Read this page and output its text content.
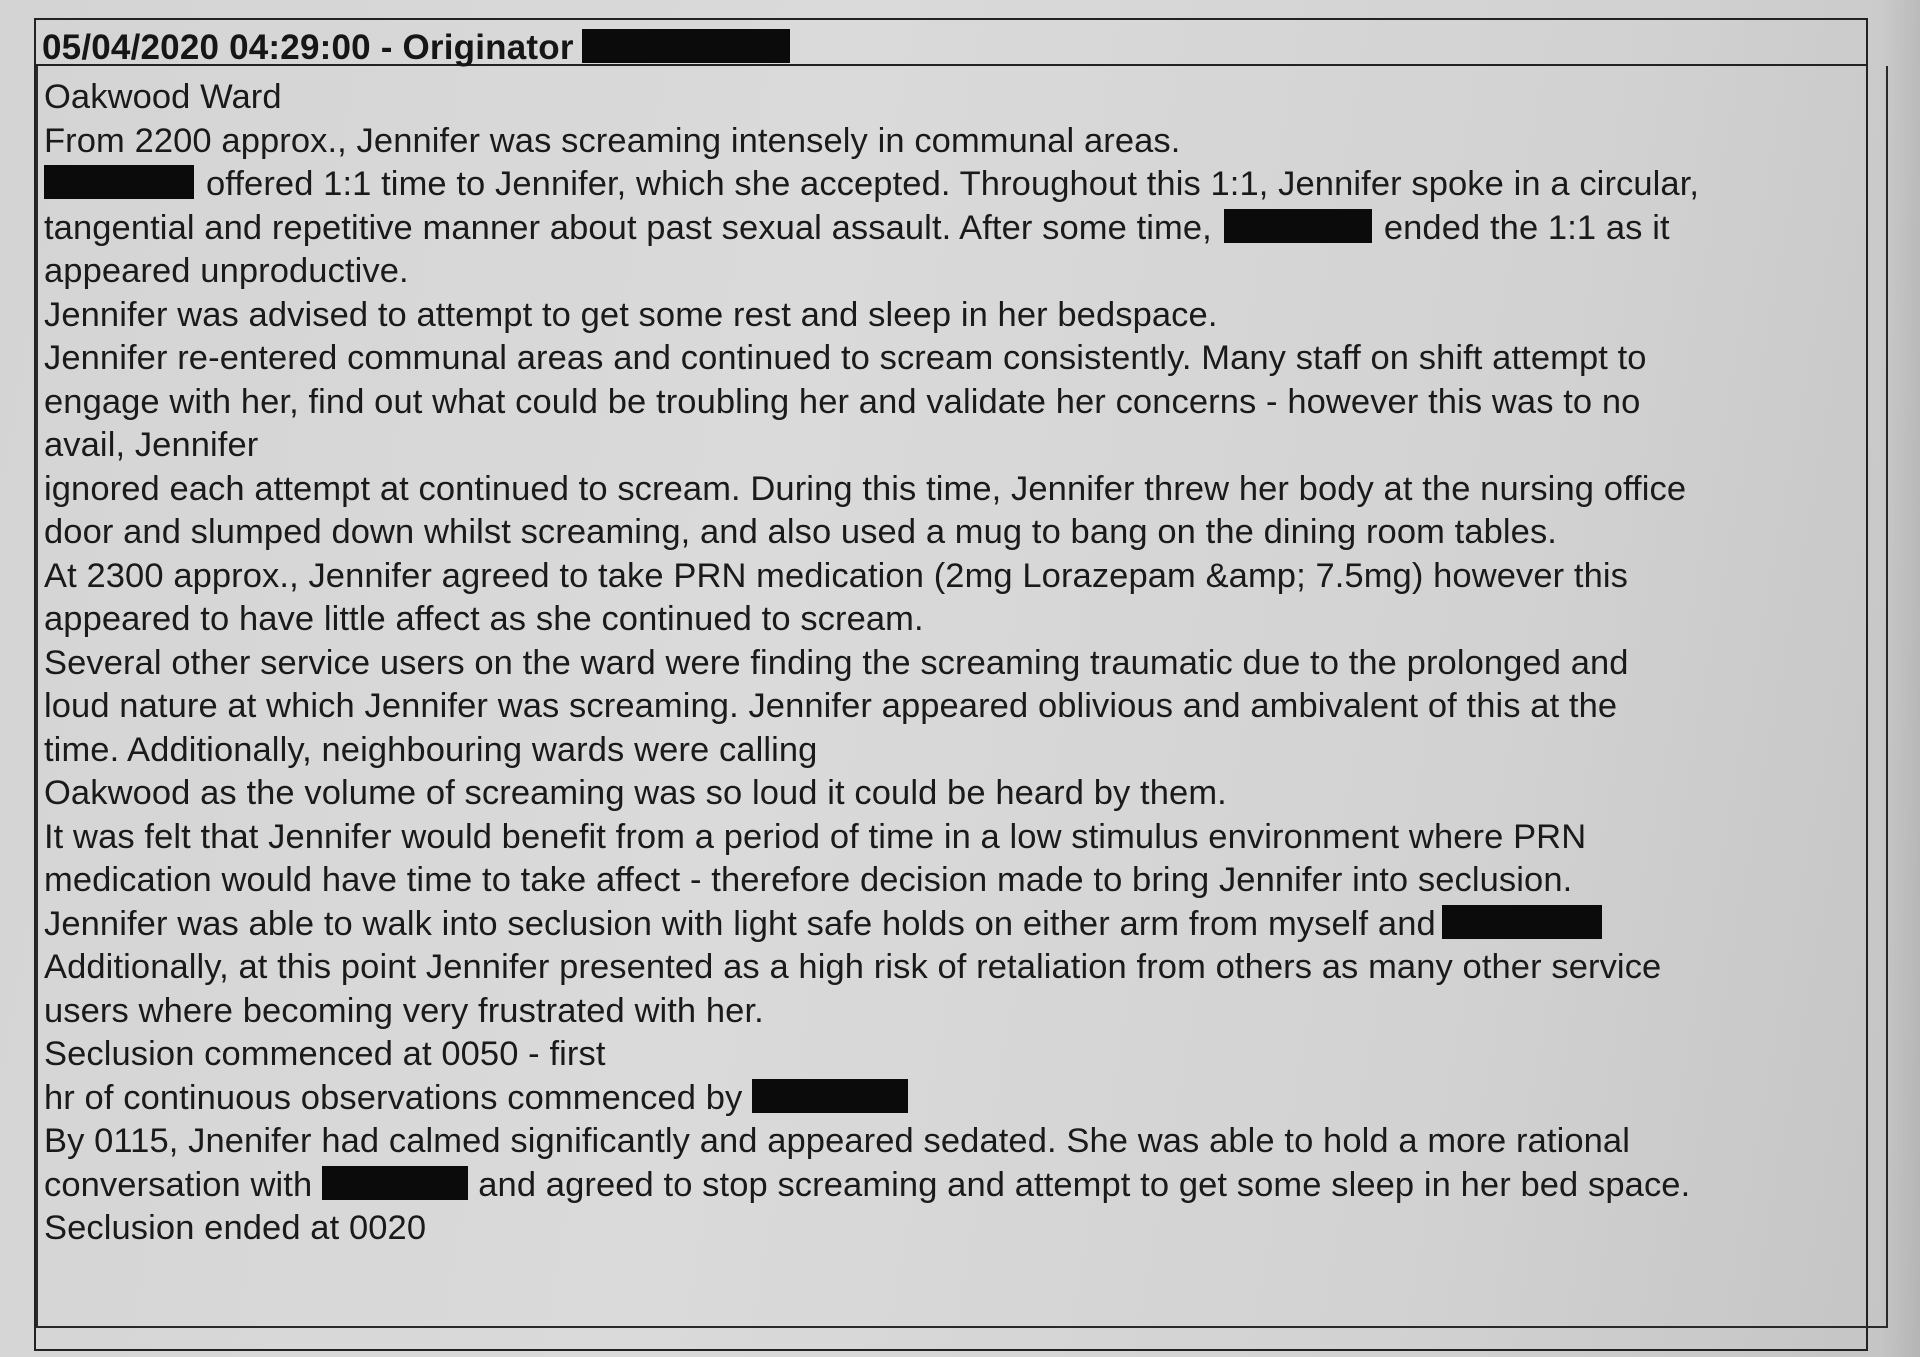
05/04/2020 04:29:00 - Originator
Oakwood Ward
From 2200 approx., Jennifer was screaming intensely in communal areas.
offered 1:1 time to Jennifer, which she accepted. Throughout this 1:1, Jennifer spoke in a circular,
tangential and repetitive manner about past sexual assault. After some time,	ended the 1:1 as it
appeared unproductive.
Jennifer was advised to attempt to get some rest and sleep in her bedspace.
Jennifer re-entered communal areas and continued to scream consistently. Many staff on shift attempt to
engage with her, find out what could be troubling her and validate her concerns - however this was to no
avail, Jennifer
ignored each attempt at continued to scream. During this time, Jennifer threw her body at the nursing office
door and slumped down whilst screaming, and also used a mug to bang on the dining room tables.
At 2300 approx., Jennifer agreed to take PRN medication (2mg Lorazepam &amp; 7.5mg) however this
appeared to have little affect as she continued to scream.
Several other service users on the ward were finding the screaming traumatic due to the prolonged and
loud nature at which Jennifer was screaming. Jennifer appeared oblivious and ambivalent of this at the
time. Additionally, neighbouring wards were calling
Oakwood as the volume of screaming was so loud it could be heard by them.
It was felt that Jennifer would benefit from a period of time in a low stimulus environment where PRN
medication would have time to take affect - therefore decision made to bring Jennifer into seclusion.
Jennifer was able to walk into seclusion with light safe holds on either arm from myself and
Additionally, at this point Jennifer presented as a high risk of retaliation from others as many other service
users where becoming very frustrated with her.
Seclusion commenced at 0050 - first
hr of continuous observations commenced by
By 0115, Jnenifer had calmed significantly and appeared sedated. She was able to hold a more rational
conversation with	and agreed to stop screaming and attempt to get some sleep in her bed space.
Seclusion ended at 0020
